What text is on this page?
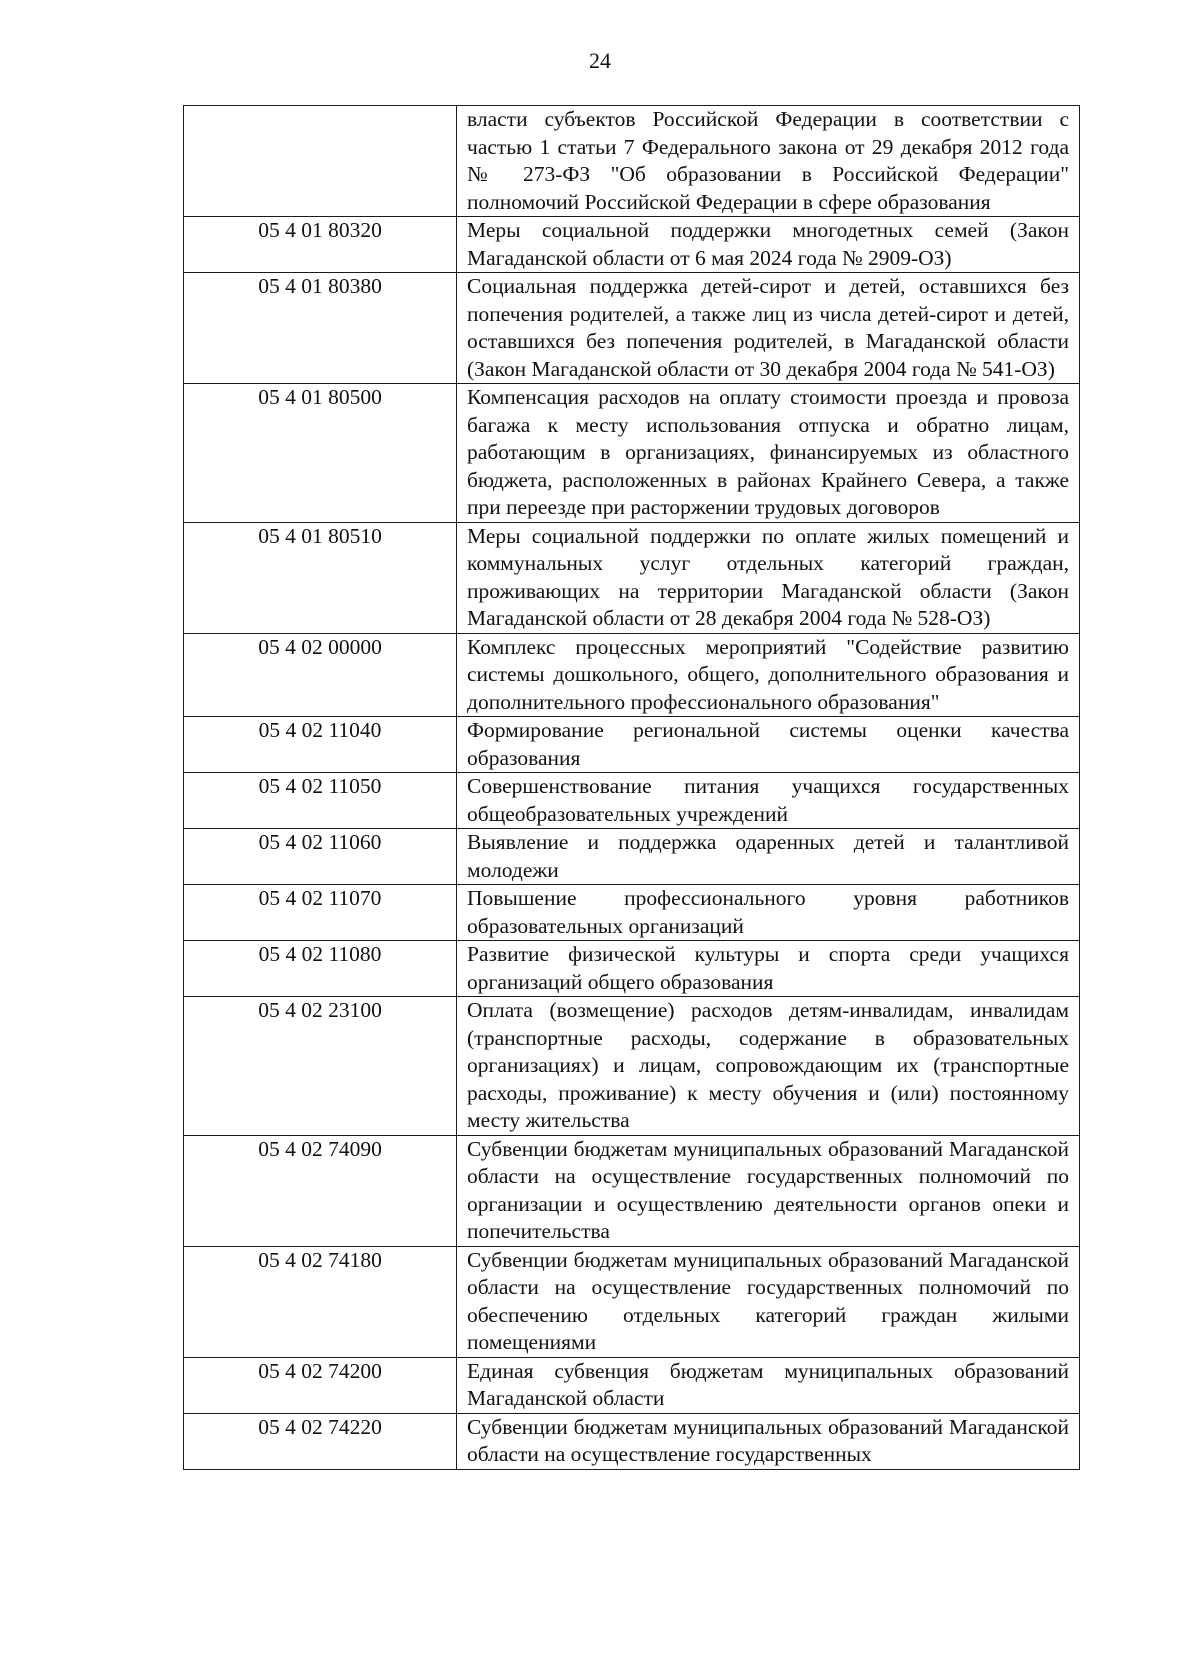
24
	власти субъектов Российской Федерации в соответствии с частью 1 статьи 7 Федерального закона от 29 декабря 2012 года № 273-ФЗ "Об образовании в Российской Федерации" полномочий Российской Федерации в сфере образования
05 4 01 80320	Меры социальной поддержки многодетных семей (Закон Магаданской области от 6 мая 2024 года № 2909-ОЗ)
05 4 01 80380	Социальная поддержка детей-сирот и детей, оставшихся без попечения родителей, а также лиц из числа детей-сирот и детей, оставшихся без попечения родителей, в Магаданской области (Закон Магаданской области от 30 декабря 2004 года № 541-ОЗ)
05 4 01 80500	Компенсация расходов на оплату стоимости проезда и провоза багажа к месту использования отпуска и обратно лицам, работающим в организациях, финансируемых из областного бюджета, расположенных в районах Крайнего Севера, а также при переезде при расторжении трудовых договоров
05 4 01 80510	Меры социальной поддержки по оплате жилых помещений и коммунальных услуг отдельных категорий граждан, проживающих на территории Магаданской области (Закон Магаданской области от 28 декабря 2004 года № 528-ОЗ)
05 4 02 00000	Комплекс процессных мероприятий "Содействие развитию системы дошкольного, общего, дополнительного образования и дополнительного профессионального образования"
05 4 02 11040	Формирование региональной системы оценки качества образования
05 4 02 11050	Совершенствование питания учащихся государственных общеобразовательных учреждений
05 4 02 11060	Выявление и поддержка одаренных детей и талантливой молодежи
05 4 02 11070	Повышение профессионального уровня работников образовательных организаций
05 4 02 11080	Развитие физической культуры и спорта среди учащихся организаций общего образования
05 4 02 23100	Оплата (возмещение) расходов детям-инвалидам, инвалидам (транспортные расходы, содержание в образовательных организациях) и лицам, сопровождающим их (транспортные расходы, проживание) к месту обучения и (или) постоянному месту жительства
05 4 02 74090	Субвенции бюджетам муниципальных образований Магаданской области на осуществление государственных полномочий по организации и осуществлению деятельности органов опеки и попечительства
05 4 02 74180	Субвенции бюджетам муниципальных образований Магаданской области на осуществление государственных полномочий по обеспечению отдельных категорий граждан жилыми помещениями
05 4 02 74200	Единая субвенция бюджетам муниципальных образований Магаданской области
05 4 02 74220	Субвенции бюджетам муниципальных образований Магаданской области на осуществление государственных
